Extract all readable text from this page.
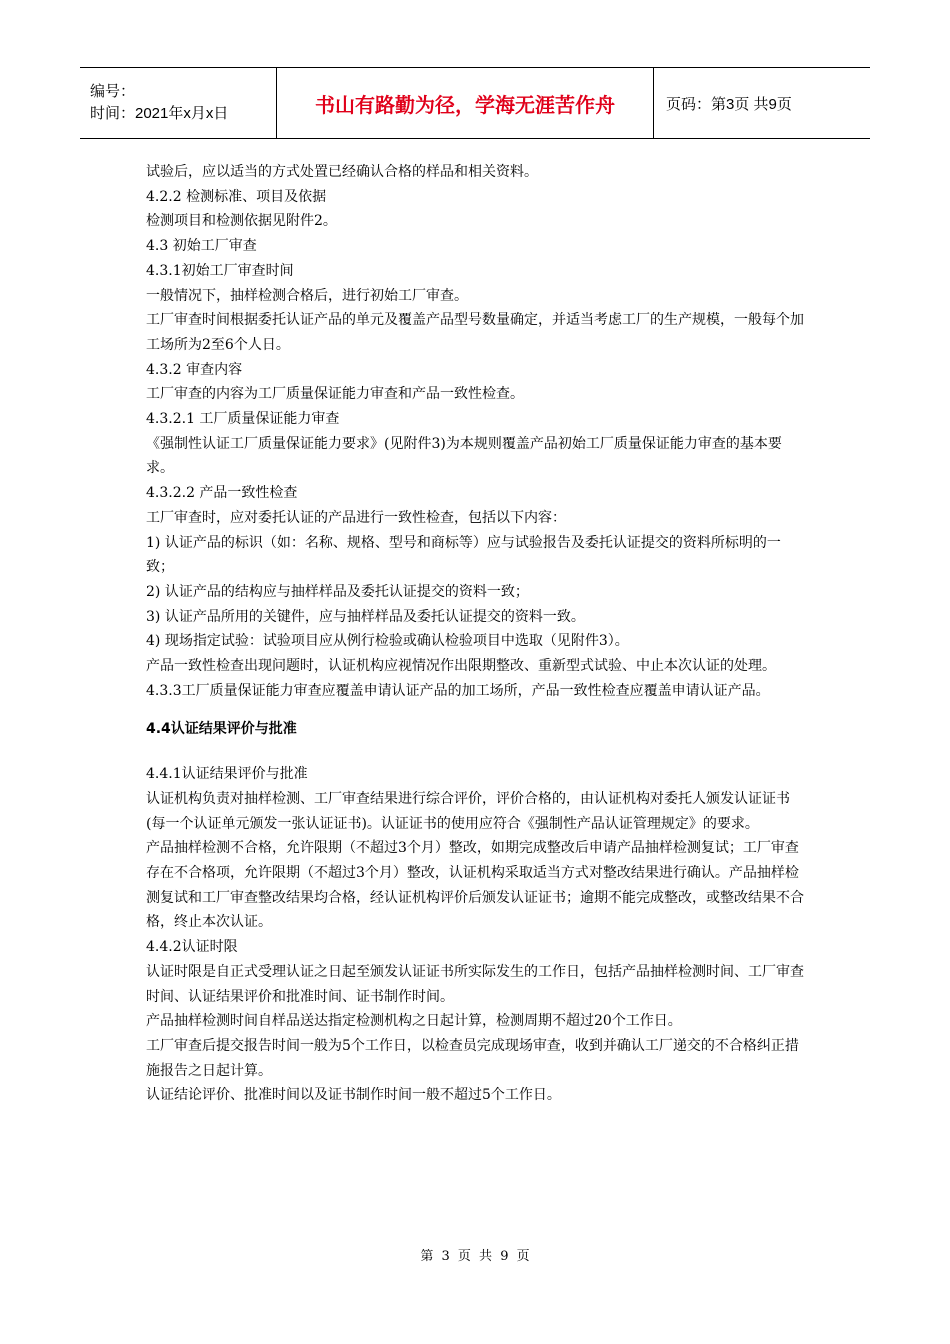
编号：
时间：2021年x月x日	书山有路勤为径，学海无涯苦作舟	页码：第3页 共9页

试验后，应以适当的方式处置已经确认合格的样品和相关资料。

4.2.2 检测标准、项目及依据

检测项目和检测依据见附件2。

4.3 初始工厂审查

4.3.1初始工厂审查时间

一般情况下，抽样检测合格后，进行初始工厂审查。

工厂审查时间根据委托认证产品的单元及覆盖产品型号数量确定，并适当考虑工厂的生产规模，一般每个加工场所为2至6个人日。

4.3.2 审查内容

工厂审查的内容为工厂质量保证能力审查和产品一致性检查。

4.3.2.1 工厂质量保证能力审查

《强制性认证工厂质量保证能力要求》(见附件3)为本规则覆盖产品初始工厂质量保证能力审查的基本要求。

4.3.2.2 产品一致性检查

工厂审查时，应对委托认证的产品进行一致性检查，包括以下内容：

1) 认证产品的标识（如：名称、规格、型号和商标等）应与试验报告及委托认证提交的资料所标明的一致；

2) 认证产品的结构应与抽样样品及委托认证提交的资料一致；

3) 认证产品所用的关键件，应与抽样样品及委托认证提交的资料一致。

4) 现场指定试验：试验项目应从例行检验或确认检验项目中选取（见附件3）。

产品一致性检查出现问题时，认证机构应视情况作出限期整改、重新型式试验、中止本次认证的处理。

4.3.3工厂质量保证能力审查应覆盖申请认证产品的加工场所，产品一致性检查应覆盖申请认证产品。

4.4认证结果评价与批准

4.4.1认证结果评价与批准

认证机构负责对抽样检测、工厂审查结果进行综合评价，评价合格的，由认证机构对委托人颁发认证证书(每一个认证单元颁发一张认证证书)。认证证书的使用应符合《强制性产品认证管理规定》的要求。

产品抽样检测不合格，允许限期（不超过3个月）整改，如期完成整改后申请产品抽样检测复试；工厂审查存在不合格项，允许限期（不超过3个月）整改，认证机构采取适当方式对整改结果进行确认。产品抽样检测复试和工厂审查整改结果均合格，经认证机构评价后颁发认证证书；逾期不能完成整改，或整改结果不合格，终止本次认证。

4.4.2认证时限

认证时限是自正式受理认证之日起至颁发认证证书所实际发生的工作日，包括产品抽样检测时间、工厂审查时间、认证结果评价和批准时间、证书制作时间。

产品抽样检测时间自样品送达指定检测机构之日起计算，检测周期不超过20个工作日。

工厂审查后提交报告时间一般为5个工作日，以检查员完成现场审查，收到并确认工厂递交的不合格纠正措施报告之日起计算。

认证结论评价、批准时间以及证书制作时间一般不超过5个工作日。

第 3 页 共 9 页
